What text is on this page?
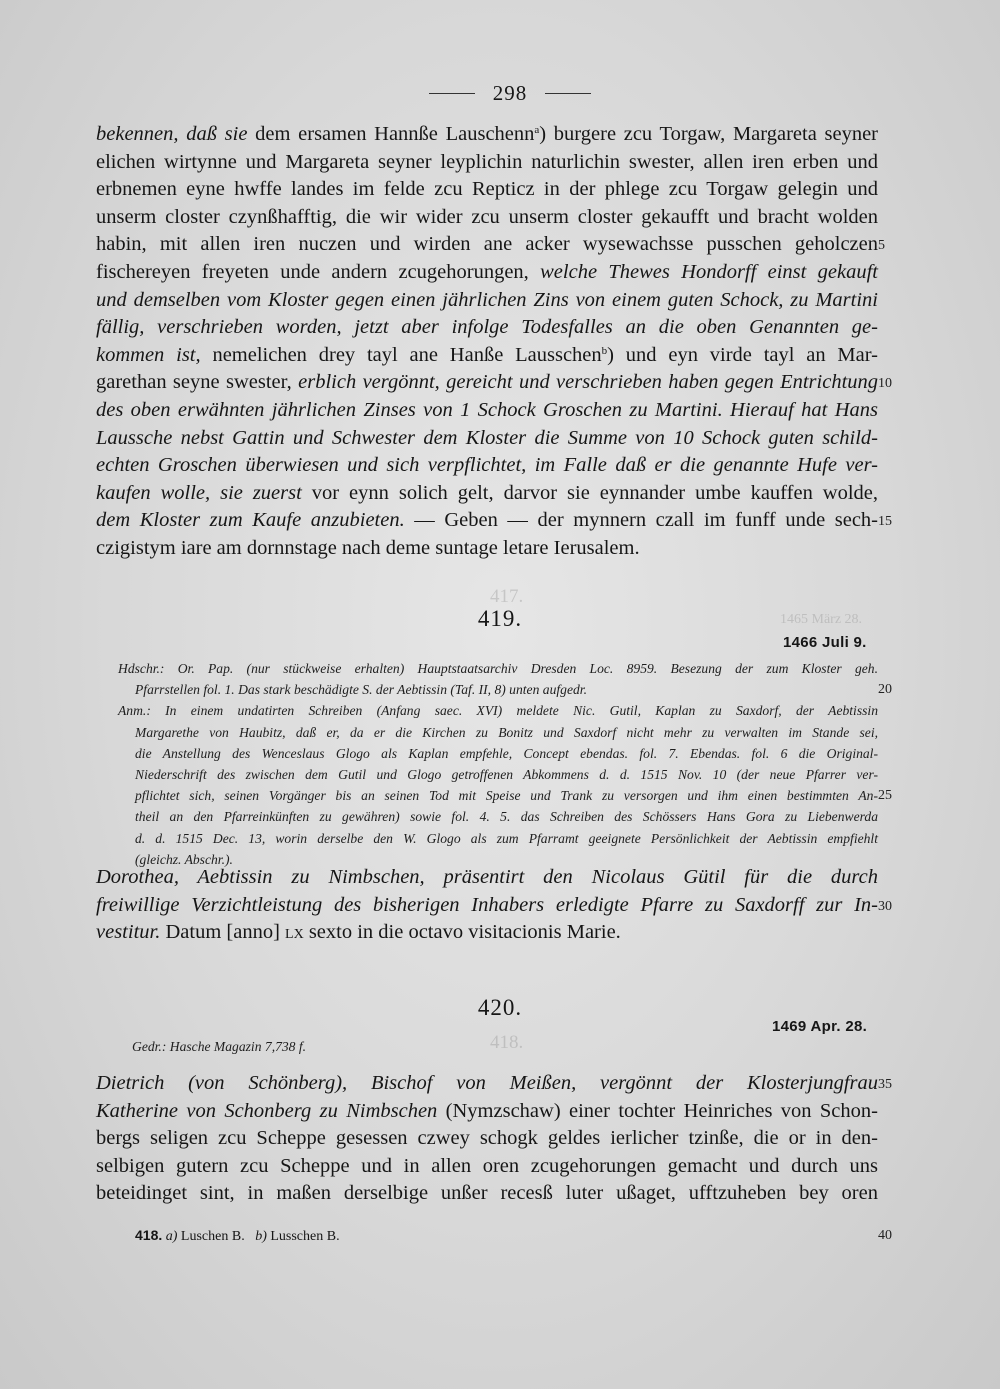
417.
1465 März 28.
418.
298
bekennen, daß sie dem ersamen Hannße Lauschenn$^a$) burgere zcu Torgaw, Margareta seyner
elichen wirtynne und Margareta seyner leyplichin naturlichin swester, allen iren erben und
erbnemen eyne hwffe landes im felde zcu Repticz in der phlege zcu Torgaw gelegin und
unserm closter czynßhafftig, die wir wider zcu unserm closter gekaufft und bracht wolden
habin, mit allen iren nuczen und wirden ane acker wysewachsse pusschen geholczen
fischereyen freyeten unde andern zcugehorungen, welche Thewes Hondorff einst gekauft
und demselben vom Kloster gegen einen jährlichen Zins von einem guten Schock, zu Martini
fällig, verschrieben worden, jetzt aber infolge Todesfalles an die oben Genannten ge-
kommen ist, nemelichen drey tayl ane Hanße Lausschen$^b$) und eyn virde tayl an Mar-
garethan seyne swester, erblich vergönnt, gereicht und verschrieben haben gegen Entrichtung
des oben erwähnten jährlichen Zinses von 1 Schock Groschen zu Martini. Hierauf hat Hans
Laussche nebst Gattin und Schwester dem Kloster die Summe von 10 Schock guten schild-
echten Groschen überwiesen und sich verpflichtet, im Falle daß er die genannte Hufe ver-
kaufen wolle, sie zuerst vor eynn solich gelt, darvor sie eynnander umbe kauffen wolde,
dem Kloster zum Kaufe anzubieten. — Geben — der mynnern czall im funff unde sech-
czigistym iare am dornnstage nach deme suntage letare Ierusalem.
419.
1466 Juli 9.
Hdschr.: Or. Pap. (nur stückweise erhalten) Hauptstaatsarchiv Dresden Loc. 8959. Besezung der zum Kloster geh.
Pfarrstellen fol. 1. Das stark beschädigte S. der Aebtissin (Taf. II, 8) unten aufgedr.
Anm.: In einem undatirten Schreiben (Anfang saec. XVI) meldete Nic. Gutil, Kaplan zu Saxdorf, der Aebtissin
Margarethe von Haubitz, daß er, da er die Kirchen zu Bonitz und Saxdorf nicht mehr zu verwalten im Stande sei,
die Anstellung des Wenceslaus Glogo als Kaplan empfehle, Concept ebendas. fol. 7. Ebendas. fol. 6 die Original-
Niederschrift des zwischen dem Gutil und Glogo getroffenen Abkommens d. d. 1515 Nov. 10 (der neue Pfarrer ver-
pflichtet sich, seinen Vorgänger bis an seinen Tod mit Speise und Trank zu versorgen und ihm einen bestimmten An-
theil an den Pfarreinkünften zu gewähren) sowie fol. 4. 5. das Schreiben des Schössers Hans Gora zu Liebenwerda
d. d. 1515 Dec. 13, worin derselbe den W. Glogo als zum Pfarramt geeignete Persönlichkeit der Aebtissin empfiehlt
(gleichz. Abschr.).
Dorothea, Aebtissin zu Nimbschen, präsentirt den Nicolaus Gütil für die durch
freiwillige Verzichtleistung des bisherigen Inhabers erledigte Pfarre zu Saxdorff zur In-
vestitur. Datum [anno] lx sexto in die octavo visitacionis Marie.
420.
1469 Apr. 28.
Gedr.: Hasche Magazin 7,738 f.
Dietrich (von Schönberg), Bischof von Meißen, vergönnt der Klosterjungfrau
Katherine von Schonberg zu Nimbschen (Nymzschaw) einer tochter Heinriches von Schon-
bergs seligen zcu Scheppe gesessen czwey schogk geldes ierlicher tzinße, die or in den-
selbigen gutern zcu Scheppe und in allen oren zcugehorungen gemacht und durch uns
beteidinget sint, in maßen derselbige unßer recesß luter ußaget, ufftzuheben bey oren
418. a) Luschen B. b) Lusschen B.	40
5
10
15
20
25
30
35
